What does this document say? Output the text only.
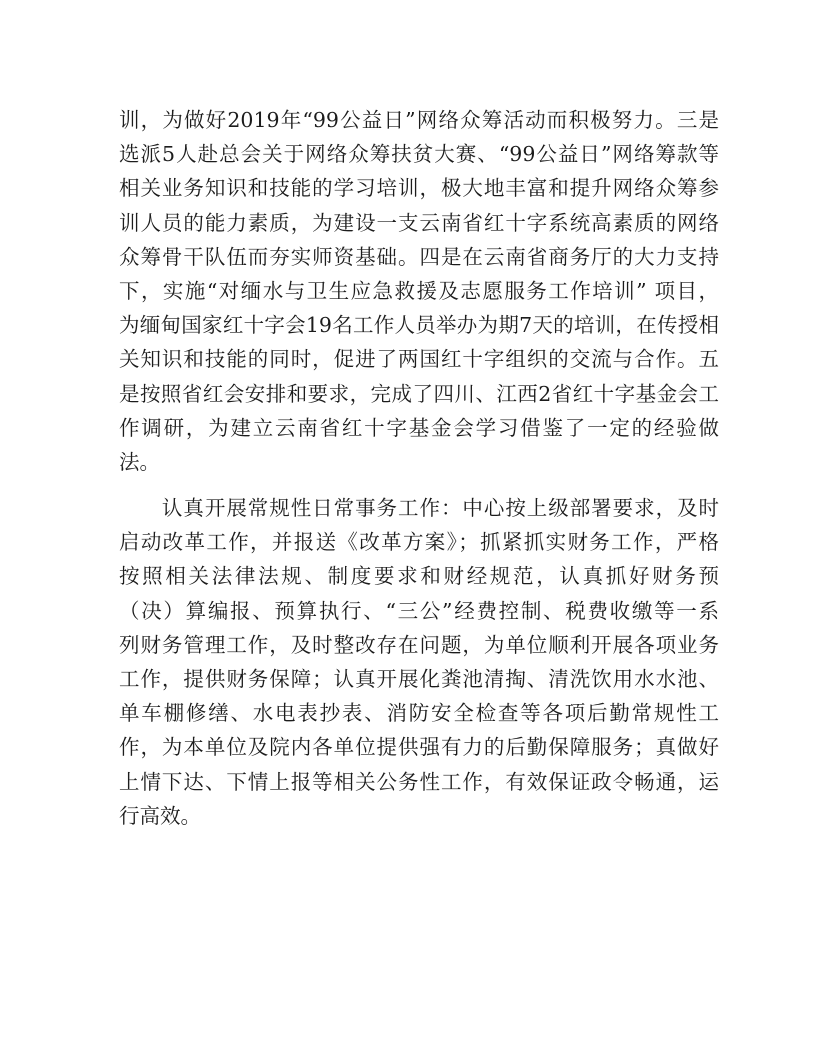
训，为做好2019年“99公益日”网络众筹活动而积极努力。三是
选派5人赴总会关于网络众筹扶贫大赛、“99公益日”网络筹款等
相关业务知识和技能的学习培训，极大地丰富和提升网络众筹参
训人员的能力素质，为建设一支云南省红十字系统高素质的网络
众筹骨干队伍而夯实师资基础。四是在云南省商务厅的大力支持
下，实施“对缅水与卫生应急救援及志愿服务工作培训” 项目，
为缅甸国家红十字会19名工作人员举办为期7天的培训，在传授相
关知识和技能的同时，促进了两国红十字组织的交流与合作。五
是按照省红会安排和要求，完成了四川、江西2省红十字基金会工
作调研，为建立云南省红十字基金会学习借鉴了一定的经验做
法。
　　认真开展常规性日常事务工作：中心按上级部署要求，及时
启动改革工作，并报送《改革方案》；抓紧抓实财务工作，严格
按照相关法律法规、制度要求和财经规范，认真抓好财务预
（决）算编报、预算执行、“三公”经费控制、税费收缴等一系
列财务管理工作，及时整改存在问题，为单位顺利开展各项业务
工作，提供财务保障；认真开展化粪池清掏、清洗饮用水水池、
单车棚修缮、水电表抄表、消防安全检查等各项后勤常规性工
作，为本单位及院内各单位提供强有力的后勤保障服务；真做好
上情下达、下情上报等相关公务性工作，有效保证政令畅通，运
行高效。
